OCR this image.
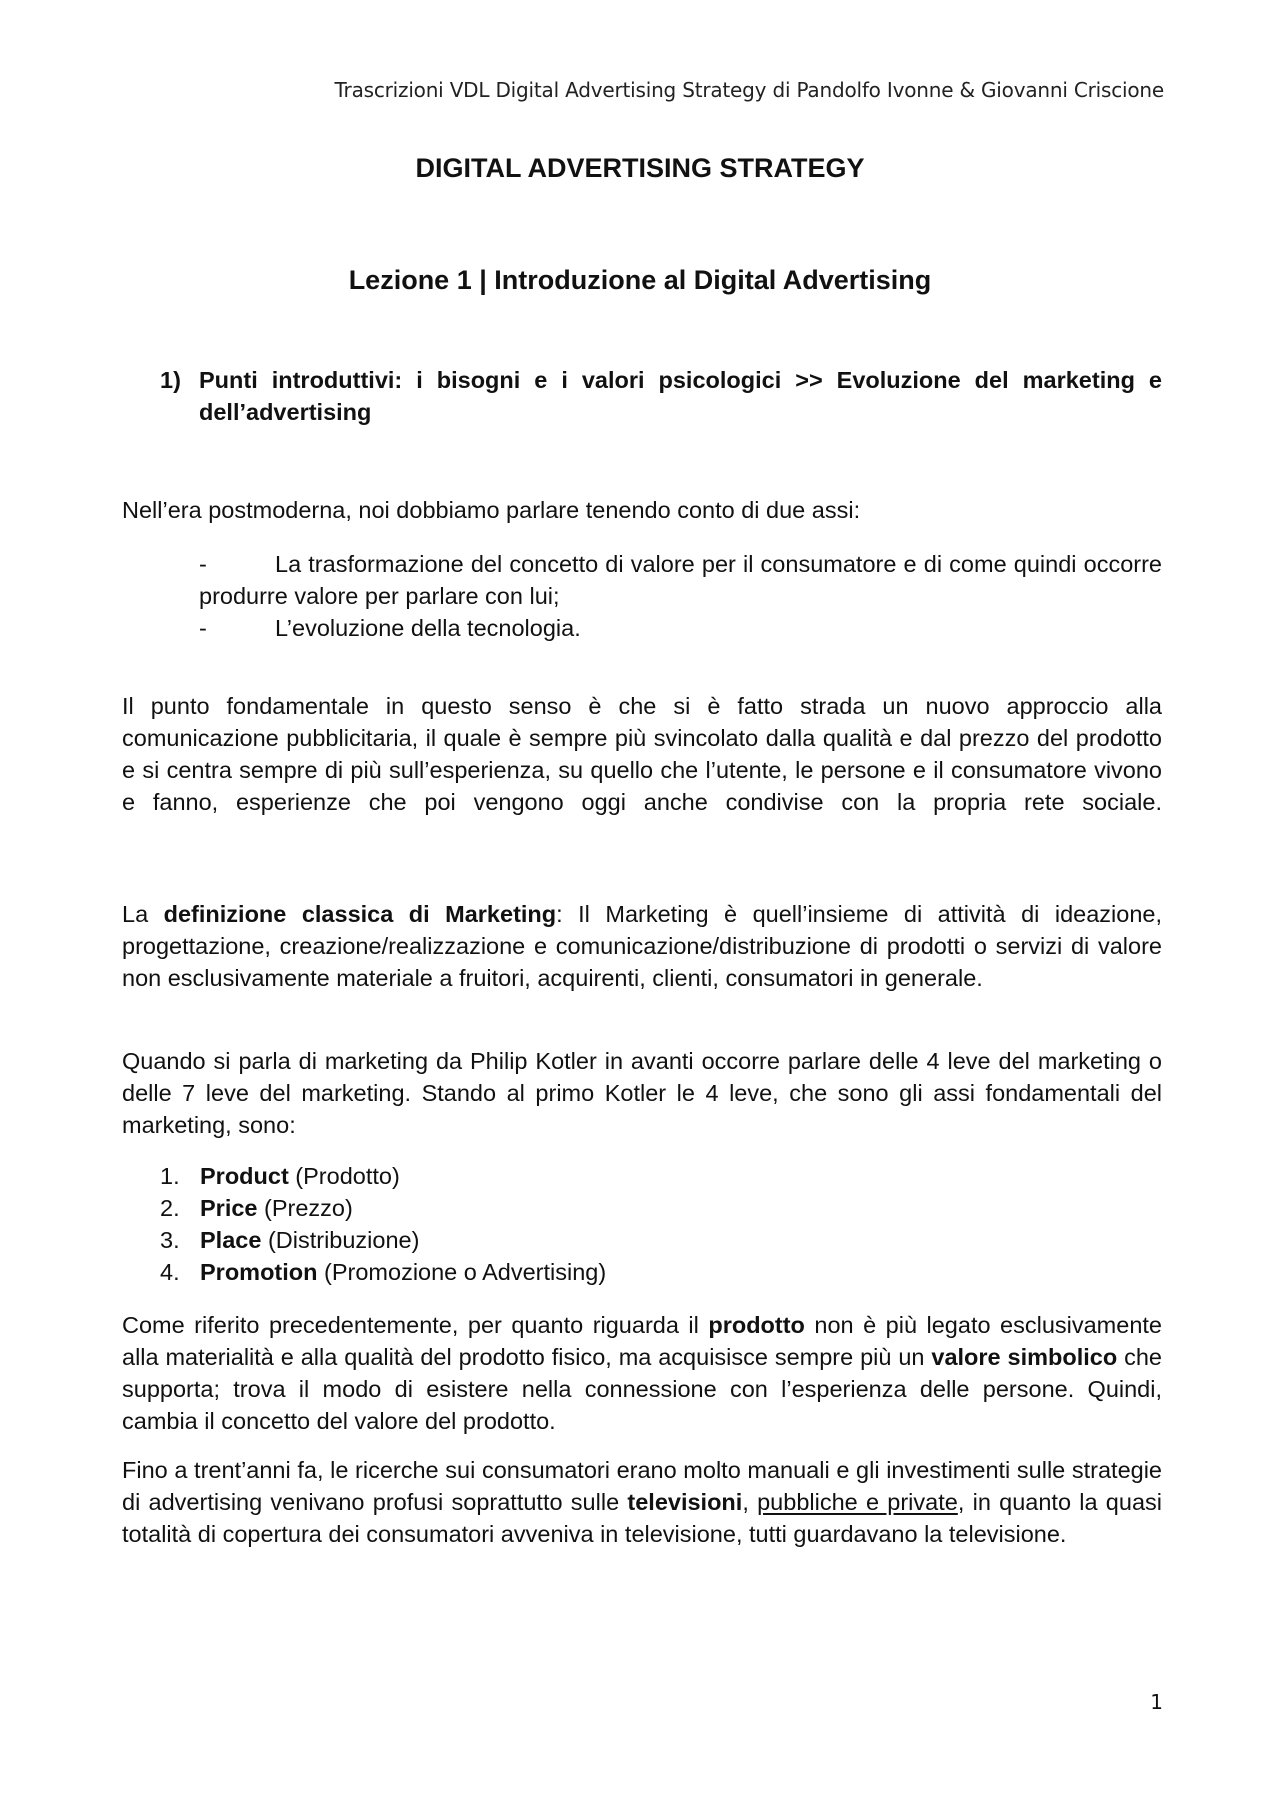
Trascrizioni VDL Digital Advertising Strategy di Pandolfo Ivonne & Giovanni Criscione
DIGITAL ADVERTISING STRATEGY
Lezione 1 | Introduzione al Digital Advertising
1) Punti introduttivi: i bisogni e i valori psicologici >> Evoluzione del marketing e dell’advertising
Nell’era postmoderna, noi dobbiamo parlare tenendo conto di due assi:
-	La trasformazione del concetto di valore per il consumatore e di come quindi occorre produrre valore per parlare con lui;
-	L’evoluzione della tecnologia.
Il punto fondamentale in questo senso è che si è fatto strada un nuovo approccio alla comunicazione pubblicitaria, il quale è sempre più svincolato dalla qualità e dal prezzo del prodotto e si centra sempre di più sull’esperienza, su quello che l’utente, le persone e il consumatore vivono e fanno, esperienze che poi vengono oggi anche condivise con la propria rete sociale.
La definizione classica di Marketing: Il Marketing è quell’insieme di attività di ideazione, progettazione, creazione/realizzazione e comunicazione/distribuzione di prodotti o servizi di valore non esclusivamente materiale a fruitori, acquirenti, clienti, consumatori in generale.
Quando si parla di marketing da Philip Kotler in avanti occorre parlare delle 4 leve del marketing o delle 7 leve del marketing. Stando al primo Kotler le 4 leve, che sono gli assi fondamentali del marketing, sono:
1. Product (Prodotto)
2. Price (Prezzo)
3. Place (Distribuzione)
4. Promotion (Promozione o Advertising)
Come riferito precedentemente, per quanto riguarda il prodotto non è più legato esclusivamente alla materialità e alla qualità del prodotto fisico, ma acquisisce sempre più un valore simbolico che supporta; trova il modo di esistere nella connessione con l’esperienza delle persone. Quindi, cambia il concetto del valore del prodotto.
Fino a trent’anni fa, le ricerche sui consumatori erano molto manuali e gli investimenti sulle strategie di advertising venivano profusi soprattutto sulle televisioni, pubbliche e private, in quanto la quasi totalità di copertura dei consumatori avveniva in televisione, tutti guardavano la televisione.
1
